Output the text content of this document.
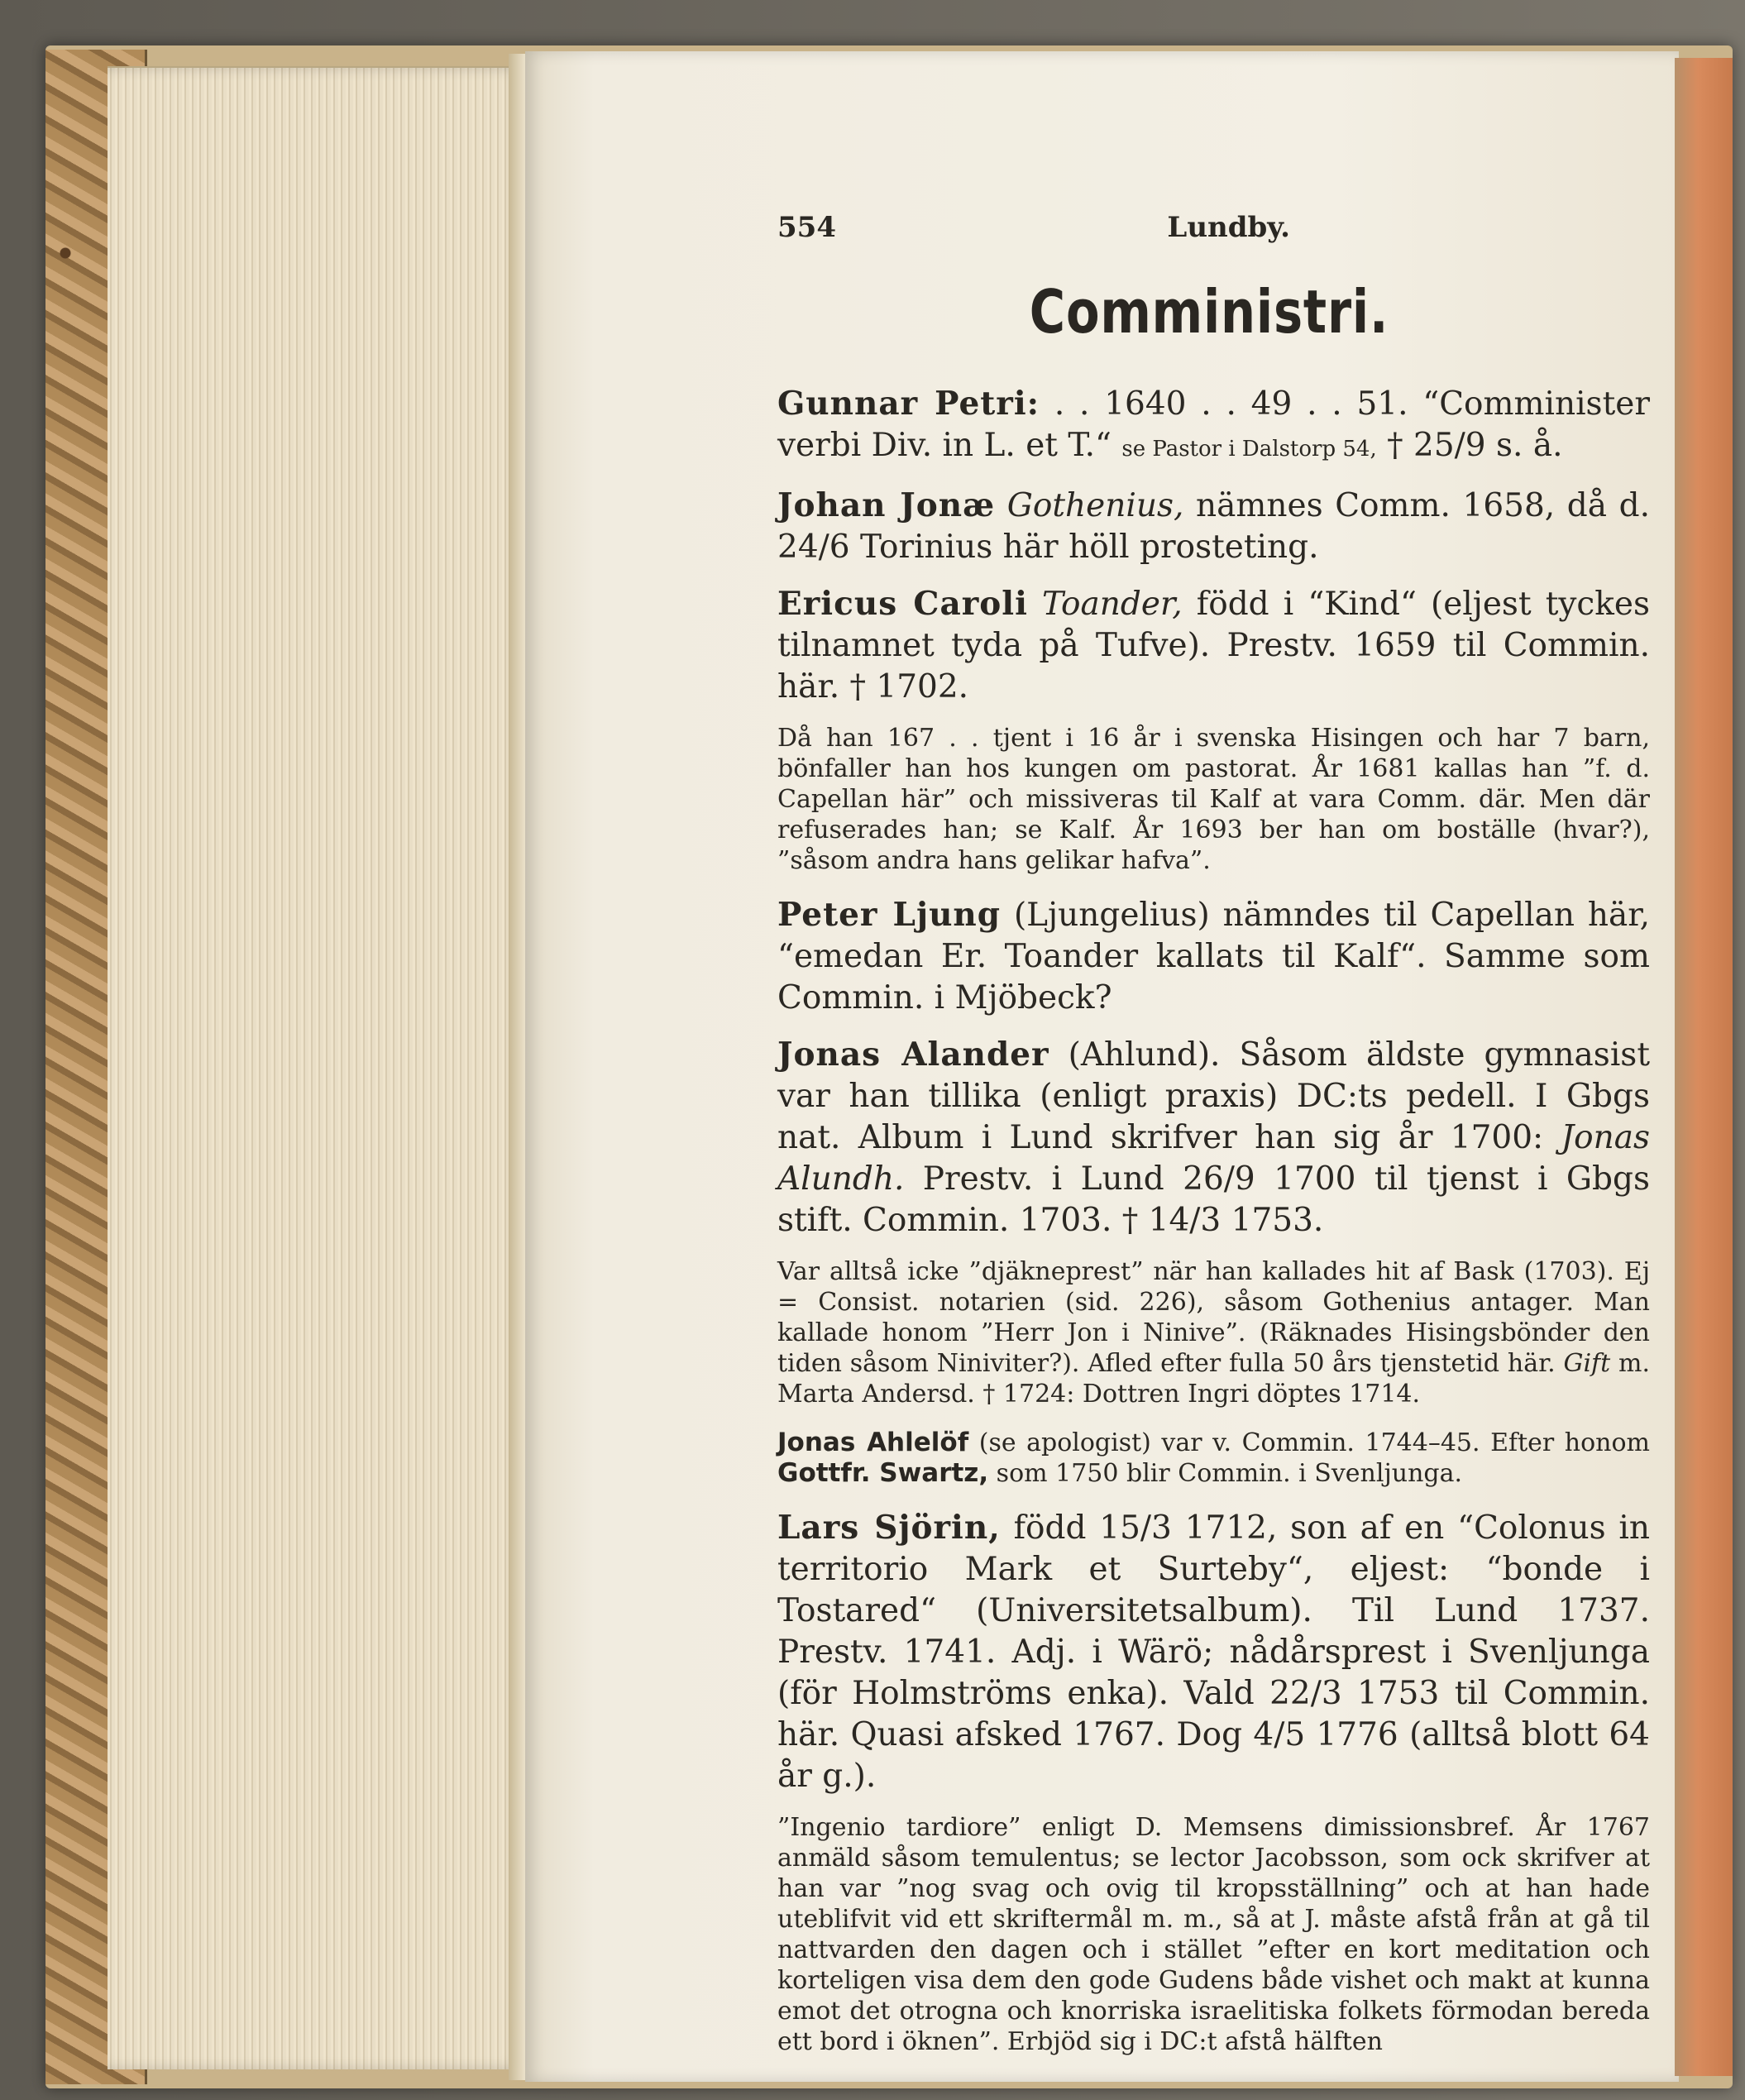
554	Lundby.
Comministri.

Gunnar Petri: . . 1640 . . 49 . . 51. “Comminister verbi Div. in L. et T.“ se Pastor i Dalstorp 54, † 25/9 s. å.

Johan Jonæ Gothenius, nämnes Comm. 1658, då d. 24/6 Torinius här höll prosteting.

Ericus Caroli Toander, född i “Kind“ (eljest tyckes tilnamnet tyda på Tufve). Prestv. 1659 til Commin. här. † 1702.

Då han 167 . . tjent i 16 år i svenska Hisingen och har 7 barn, bönfaller han hos kungen om pastorat. År 1681 kallas han ”f. d. Capellan här” och missiveras til Kalf at vara Comm. där. Men där refuserades han; se Kalf. År 1693 ber han om boställe (hvar?), ”såsom andra hans gelikar hafva”.

Peter Ljung (Ljungelius) nämndes til Capellan här, “emedan Er. Toander kallats til Kalf“. Samme som Commin. i Mjöbeck?

Jonas Alander (Ahlund). Såsom äldste gymnasist var han tillika (enligt praxis) DC:ts pedell. I Gbgs nat. Album i Lund skrifver han sig år 1700: Jonas Alundh. Prestv. i Lund 26/9 1700 til tjenst i Gbgs stift. Commin. 1703. † 14/3 1753.

Var alltså icke ”djäkneprest” när han kallades hit af Bask (1703). Ej = Consist. notarien (sid. 226), såsom Gothenius antager. Man kallade honom ”Herr Jon i Ninive”. (Räknades Hisingsbönder den tiden såsom Niniviter?). Afled efter fulla 50 års tjenstetid här. Gift m. Marta Andersd. † 1724: Dottren Ingri döptes 1714.

Jonas Ahlelöf (se apologist) var v. Commin. 1744–45. Efter honom Gottfr. Swartz, som 1750 blir Commin. i Svenljunga.

Lars Sjörin, född 15/3 1712, son af en “Colonus in territorio Mark et Surteby“, eljest: “bonde i Tostared“ (Universitetsalbum). Til Lund 1737. Prestv. 1741. Adj. i Wärö; nådårsprest i Svenljunga (för Holmströms enka). Vald 22/3 1753 til Commin. här. Quasi afsked 1767. Dog 4/5 1776 (alltså blott 64 år g.).

”Ingenio tardiore” enligt D. Memsens dimissionsbref. År 1767 anmäld såsom temulentus; se lector Jacobsson, som ock skrifver at han var ”nog svag och ovig til kropsställning” och at han hade uteblifvit vid ett skriftermål m. m., så at J. måste afstå från at gå til nattvarden den dagen och i stället ”efter en kort meditation och korteligen visa dem den gode Gudens både vishet och makt at kunna emot det otrogna och knorriska israelitiska folkets förmodan bereda ett bord i öknen”. Erbjöd sig i DC:t afstå hälften
